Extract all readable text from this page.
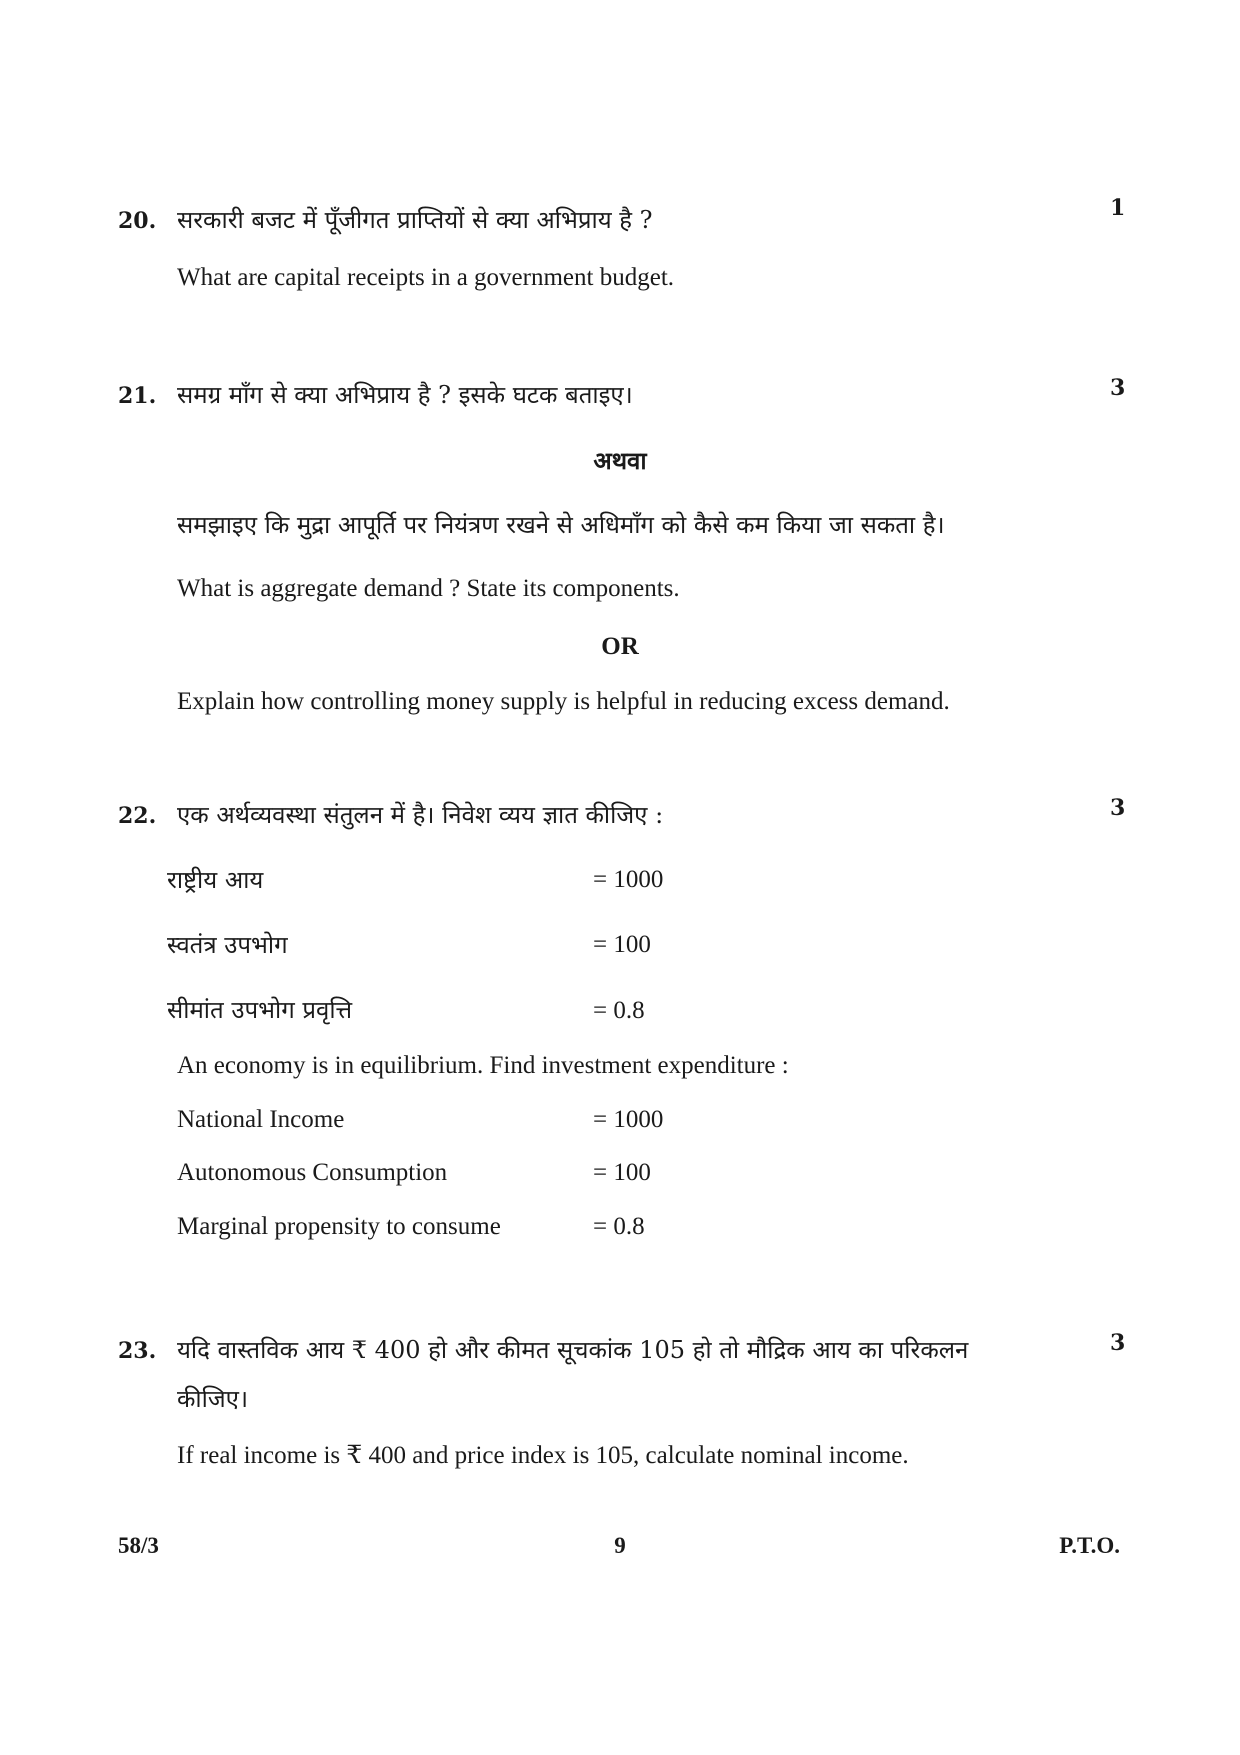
20. सरकारी बजट में पूँजीगत प्राप्तियों से क्या अभिप्राय है ?	1
What are capital receipts in a government budget.
21. समग्र माँग से क्या अभिप्राय है ? इसके घटक बताइए।	3
अथवा
समझाइए कि मुद्रा आपूर्ति पर नियंत्रण रखने से अधिमाँग को कैसे कम किया जा सकता है।
What is aggregate demand ? State its components.
OR
Explain how controlling money supply is helpful in reducing excess demand.
22. एक अर्थव्यवस्था संतुलन में है। निवेश व्यय ज्ञात कीजिए :	3
राष्ट्रीय आय	= 1000
स्वतंत्र उपभोग	= 100
सीमांत उपभोग प्रवृत्ति	= 0.8
An economy is in equilibrium. Find investment expenditure :
National Income	= 1000
Autonomous Consumption	= 100
Marginal propensity to consume	= 0.8
23. यदि वास्तविक आय ₹ 400 हो और कीमत सूचकांक 105 हो तो मौद्रिक आय का परिकलन	3
कीजिए।
If real income is ₹ 400 and price index is 105, calculate nominal income.
58/3	9	P.T.O.
